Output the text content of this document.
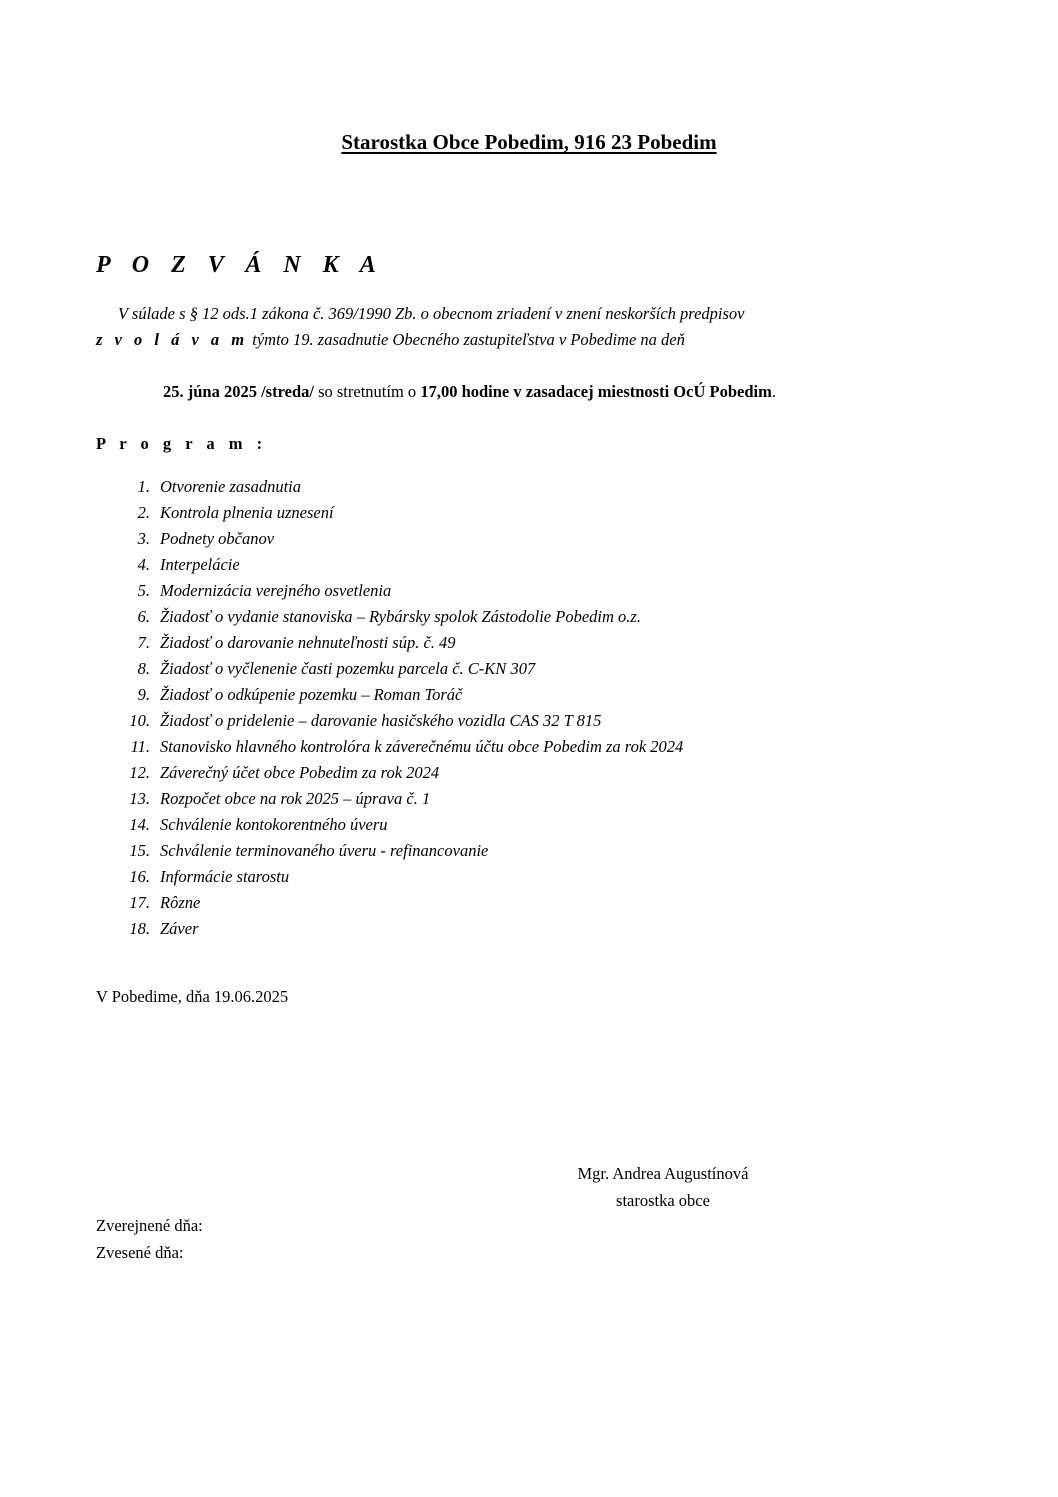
Starostka Obce Pobedim, 916 23 Pobedim
P O Z V Á N K A
V súlade s § 12 ods.1 zákona č. 369/1990 Zb. o obecnom zriadení v znení neskorších predpisov
z v o l á v a m týmto 19. zasadnutie Obecného zastupiteľstva v Pobedime na deň
25. júna 2025 /streda/ so stretnutím o 17,00 hodine v zasadacej miestnosti OcÚ Pobedim.
P r o g r a m :
1. Otvorenie zasadnutia
2. Kontrola plnenia uznesení
3. Podnety občanov
4. Interpelácie
5. Modernizácia verejného osvetlenia
6. Žiadosť o vydanie stanoviska – Rybársky spolok Zástodolie Pobedim o.z.
7. Žiadosť o darovanie nehnuteľnosti súp. č. 49
8. Žiadosť o vyčlenenie časti pozemku parcela č. C-KN 307
9. Žiadosť o odkúpenie pozemku – Roman Toráč
10. Žiadosť o pridelenie – darovanie hasičského vozidla CAS 32 T 815
11. Stanovisko hlavného kontrolóra k záverečnému účtu obce Pobedim za rok 2024
12. Záverečný účet obce Pobedim za rok 2024
13. Rozpočet obce na rok 2025 – úprava č. 1
14. Schválenie kontokorentného úveru
15. Schválenie terminovaného úveru - refinancovanie
16. Informácie starostu
17. Rôzne
18. Záver
V Pobedime, dňa 19.06.2025
Mgr. Andrea Augustínová
starostka obce
Zverejnené dňa:
Zvesené dňa:
